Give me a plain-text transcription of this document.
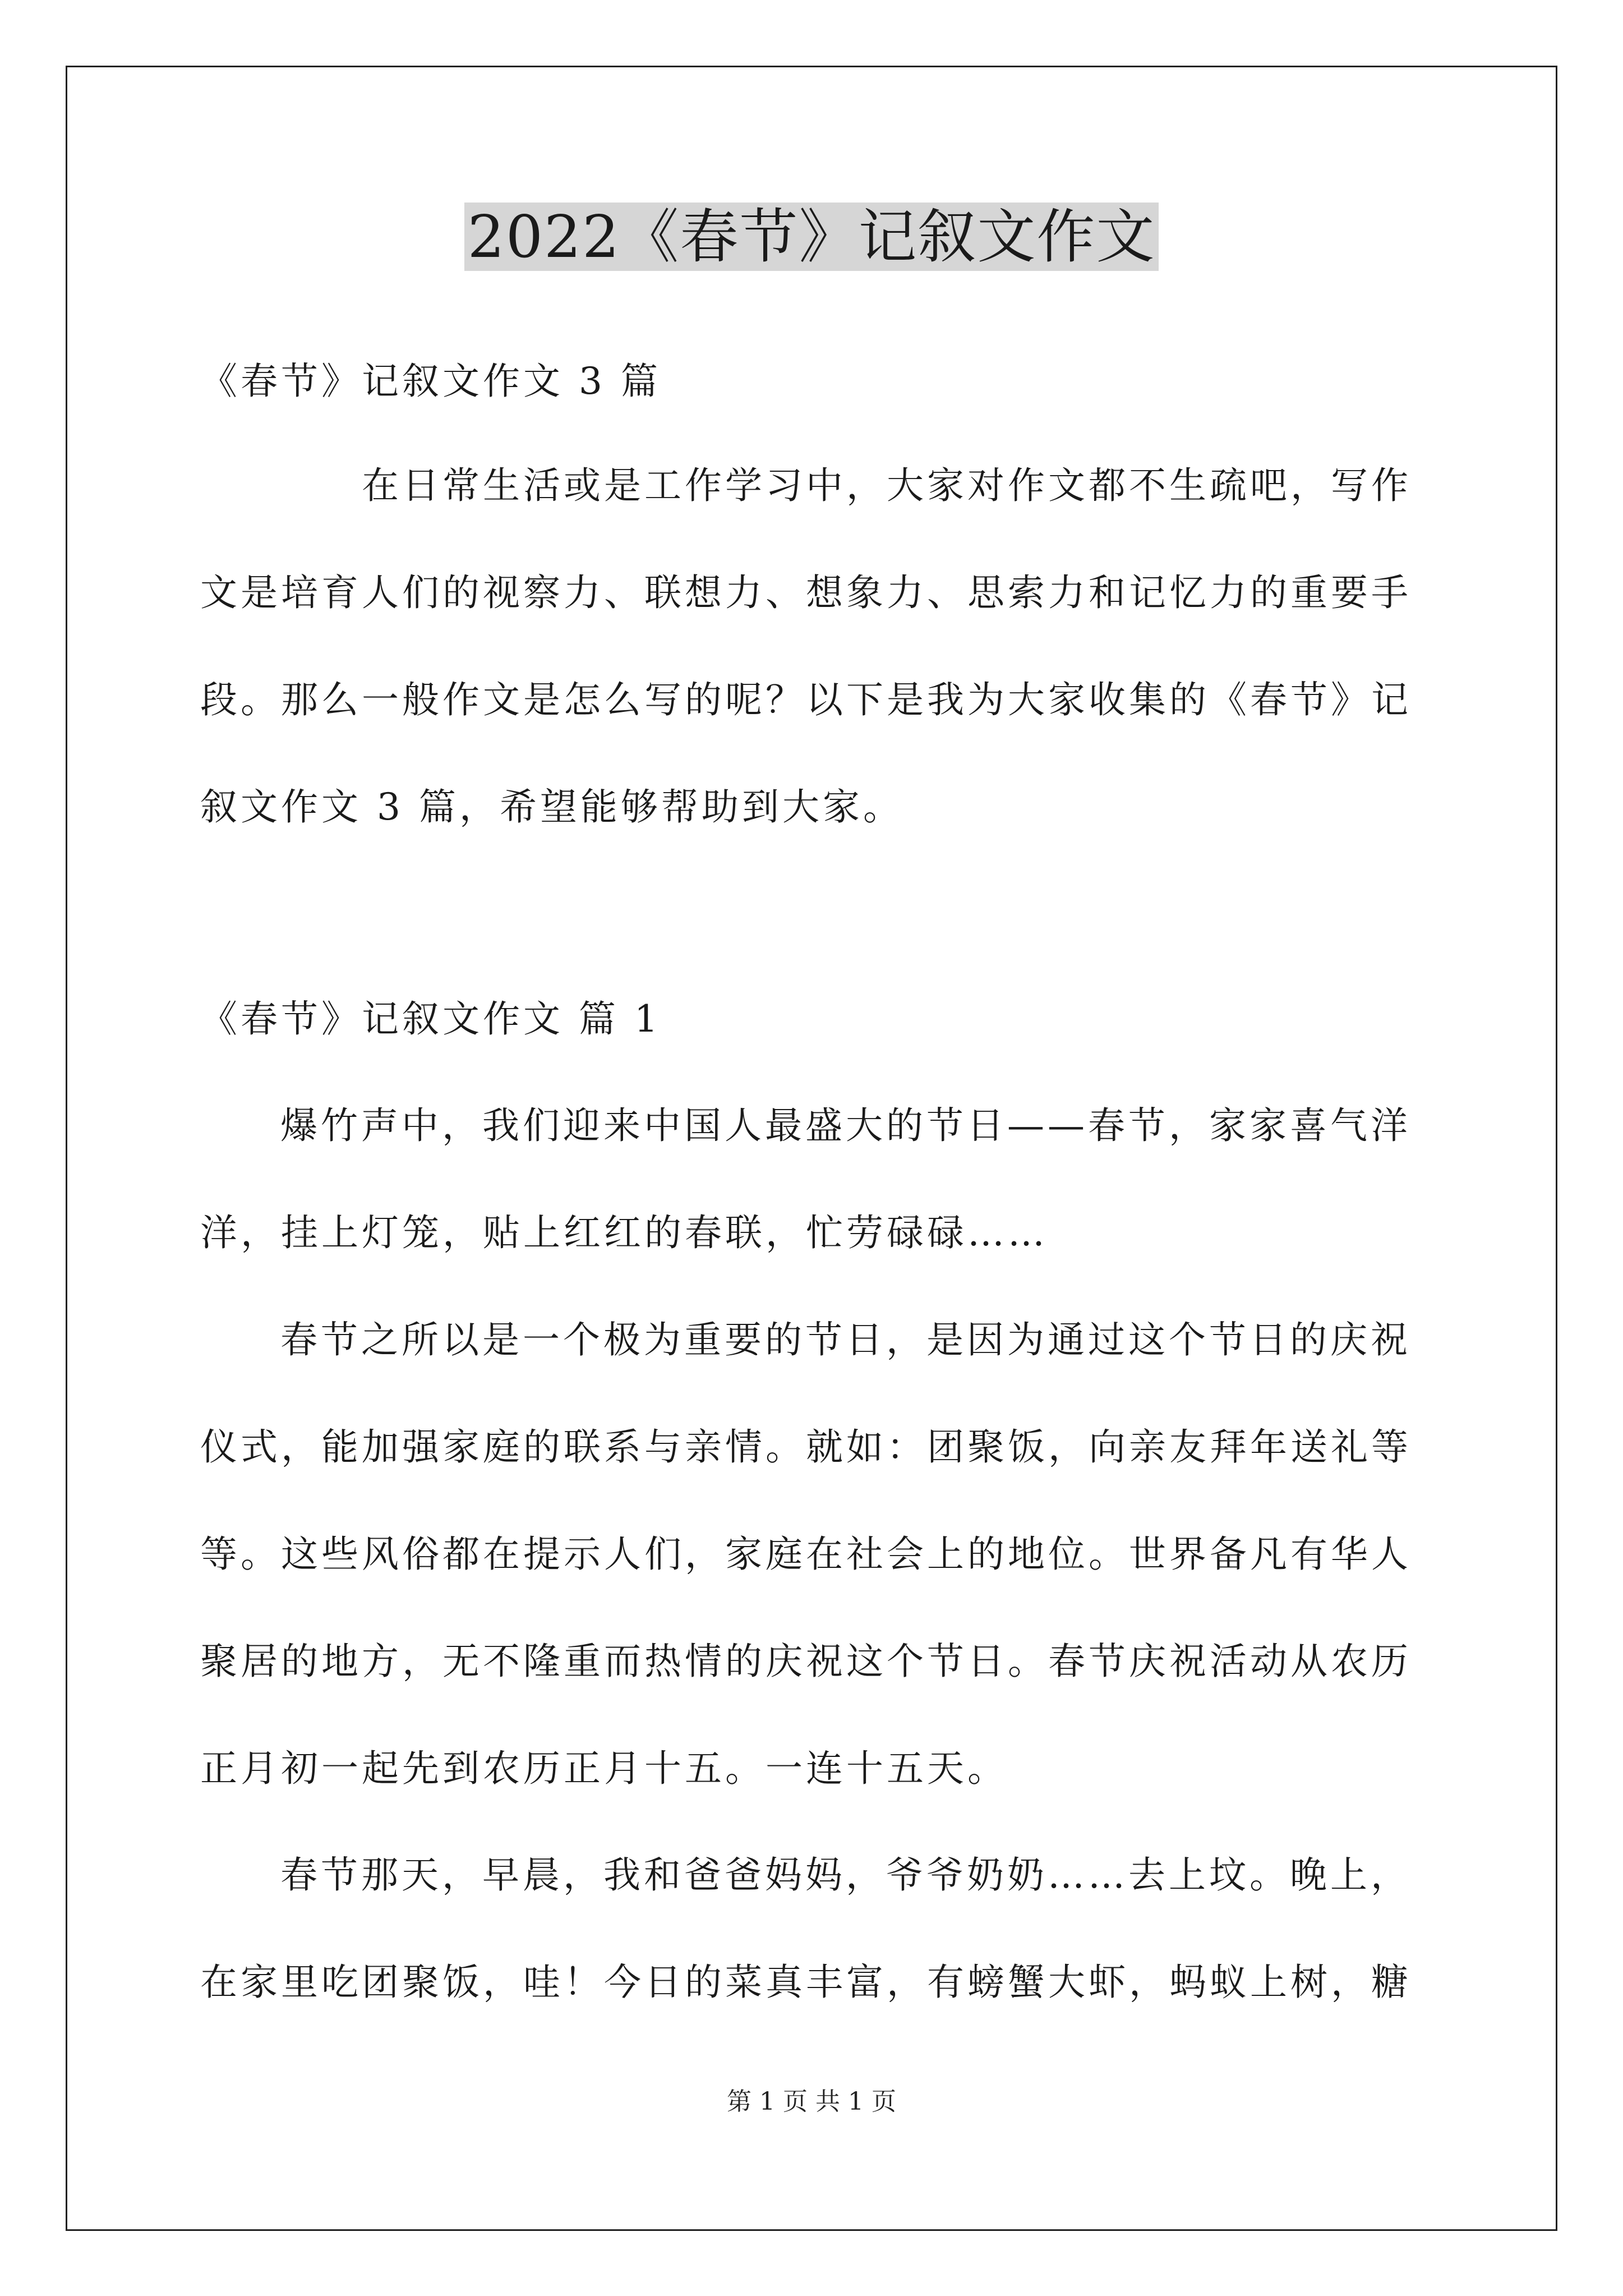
2022《春节》记叙文作文
《春节》记叙文作文 3 篇
在日常生活或是工作学习中，大家对作文都不生疏吧，写作
文是培育人们的视察力、联想力、想象力、思索力和记忆力的重要手
段。那么一般作文是怎么写的呢？以下是我为大家收集的《春节》记
叙文作文 3 篇，希望能够帮助到大家。
《春节》记叙文作文 篇 1
爆竹声中，我们迎来中国人最盛大的节日——春节，家家喜气洋
洋，挂上灯笼，贴上红红的春联，忙劳碌碌……
春节之所以是一个极为重要的节日，是因为通过这个节日的庆祝
仪式，能加强家庭的联系与亲情。就如：团聚饭，向亲友拜年送礼等
等。这些风俗都在提示人们，家庭在社会上的地位。世界备凡有华人
聚居的地方，无不隆重而热情的庆祝这个节日。春节庆祝活动从农历
正月初一起先到农历正月十五。一连十五天。
春节那天，早晨，我和爸爸妈妈，爷爷奶奶……去上坟。晚上，
在家里吃团聚饭，哇！今日的菜真丰富，有螃蟹大虾，蚂蚁上树，糖
第 1 页 共 1 页
